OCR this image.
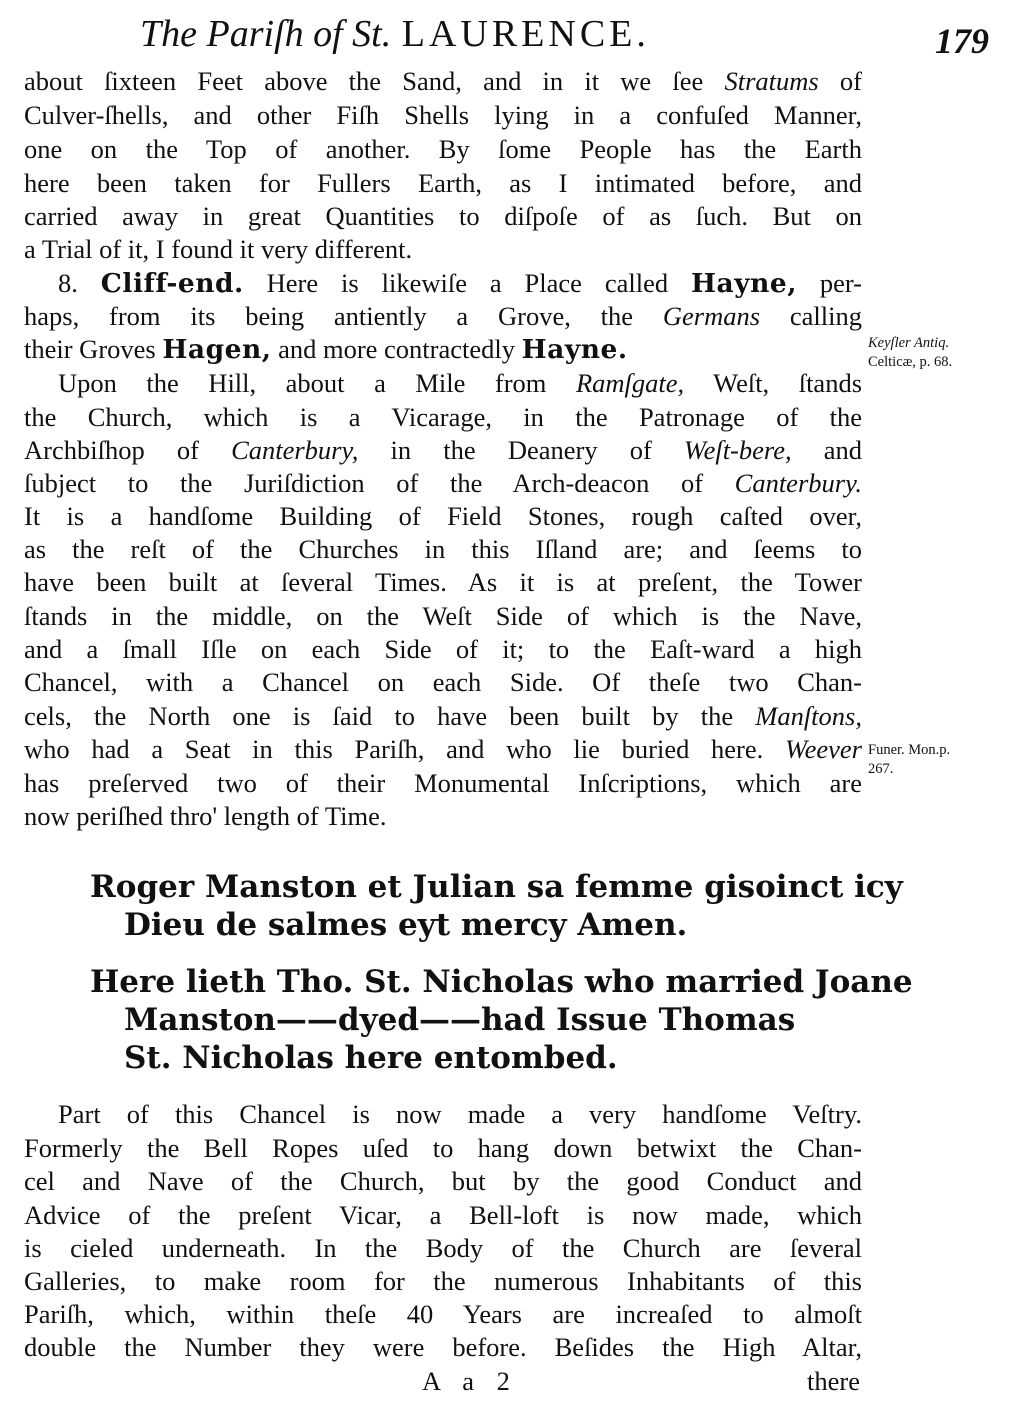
The Pariſh of St. LAURENCE.	179
about ſixteen Feet above the Sand, and in it we ſee Stratums of
Culver-ſhells, and other Fiſh Shells lying in a confuſed Manner,
one on the Top of another. By ſome People has the Earth
here been taken for Fullers Earth, as I intimated before, and
carried away in great Quantities to diſpoſe of as ſuch. But on
a Trial of it, I found it very different.
8. Cliff-end. Here is likewiſe a Place called Hayne, per-
haps, from its being antiently a Grove, the Germans calling
their Groves Hagen, and more contractedly Hayne.
Upon the Hill, about a Mile from Ramſgate, Weſt, ſtands
the Church, which is a Vicarage, in the Patronage of the
Archbiſhop of Canterbury, in the Deanery of Weſt-bere, and
ſubject to the Juriſdiction of the Arch-deacon of Canterbury.
It is a handſome Building of Field Stones, rough caſted over,
as the reſt of the Churches in this Iſland are; and ſeems to
have been built at ſeveral Times. As it is at preſent, the Tower
ſtands in the middle, on the Weſt Side of which is the Nave,
and a ſmall Iſle on each Side of it; to the Eaſt-ward a high
Chancel, with a Chancel on each Side. Of theſe two Chan-
cels, the North one is ſaid to have been built by the Manſtons,
who had a Seat in this Pariſh, and who lie buried here. Weever
has preſerved two of their Monumental Inſcriptions, which are
now periſhed thro' length of Time.
Keyſler Antiq.
Celticæ, p. 68.
Funer. Mon.p.
267.
Roger Manston et Julian sa femme gisoinct icy
Dieu de salmes eyt mercy Amen.
Here lieth Tho. St. Nicholas who married Joane
Manston——dyed——had Issue Thomas
St. Nicholas here entombed.
Part of this Chancel is now made a very handſome Veſtry.
Formerly the Bell Ropes uſed to hang down betwixt the Chan-
cel and Nave of the Church, but by the good Conduct and
Advice of the preſent Vicar, a Bell-loft is now made, which
is cieled underneath. In the Body of the Church are ſeveral
Galleries, to make room for the numerous Inhabitants of this
Pariſh, which, within theſe 40 Years are increaſed to almoſt
double the Number they were before. Beſides the High Altar,
A a 2	there
